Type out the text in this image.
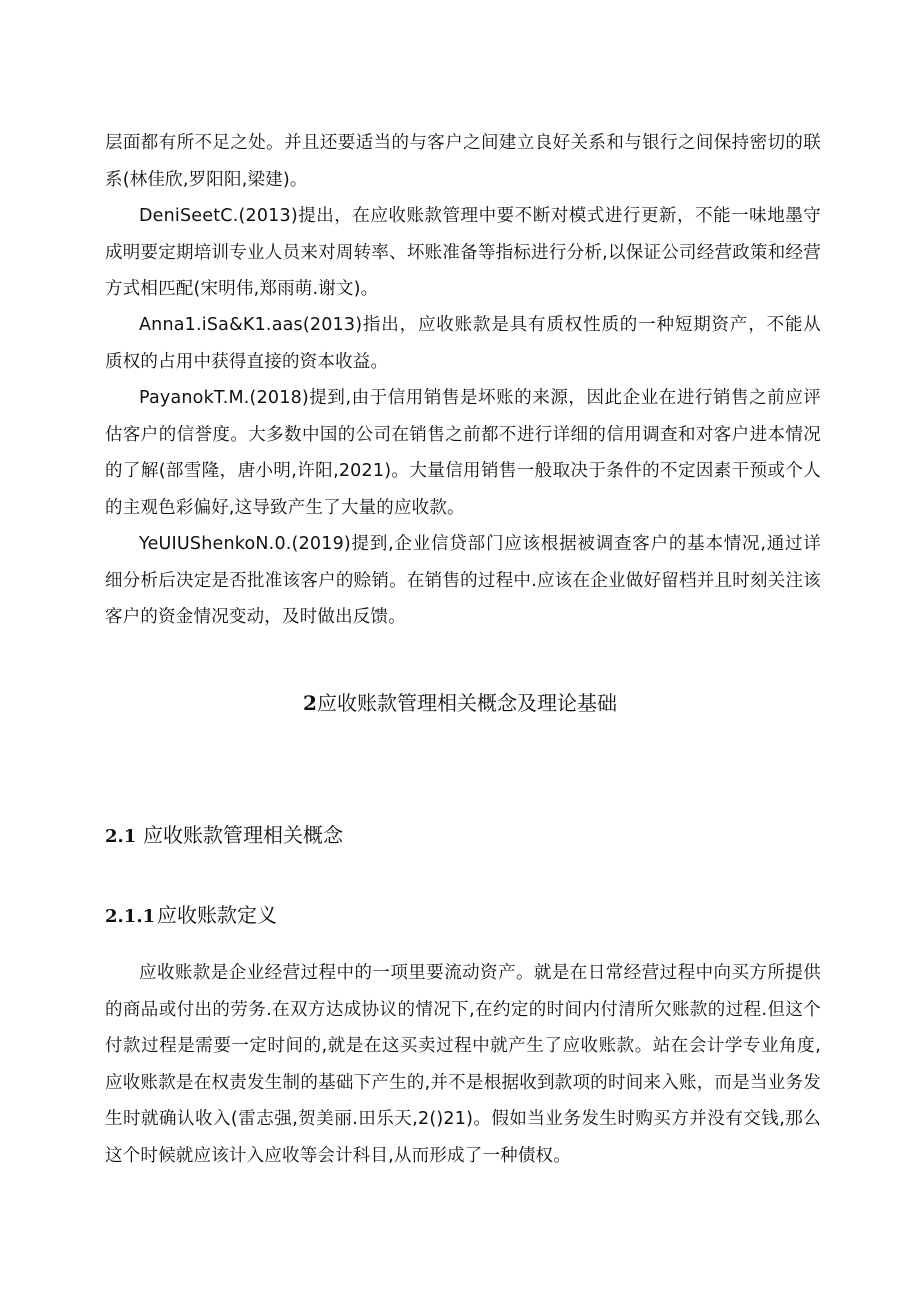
层面都有所不足之处。并且还要适当的与客户之间建立良好关系和与银行之间保持密切的联系(林佳欣,罗阳阳,梁建)。

DeniSeetC.(2013)提出，在应收账款管理中要不断对模式进行更新，不能一味地墨守成明要定期培训专业人员来对周转率、坏账准备等指标进行分析,以保证公司经营政策和经营方式相匹配(宋明伟,郑雨萌.谢文)。

Anna1.iSa&K1.aas(2013)指出，应收账款是具有质权性质的一种短期资产，不能从质权的占用中获得直接的资本收益。

PayanokT.M.(2018)提到,由于信用销售是坏账的来源，因此企业在进行销售之前应评估客户的信誉度。大多数中国的公司在销售之前都不进行详细的信用调查和对客户进本情况的了解(部雪隆，唐小明,许阳,2021)。大量信用销售一般取决于条件的不定因素干预或个人的主观色彩偏好,这导致产生了大量的应收款。

YeUIUShenkoN.0.(2019)提到,企业信贷部门应该根据被调查客户的基本情况,通过详细分析后决定是否批准该客户的赊销。在销售的过程中.应该在企业做好留档并且时刻关注该客户的资金情况变动，及时做出反馈。

2应收账款管理相关概念及理论基础
2.1 应收账款管理相关概念
2.1.1应收账款定义

应收账款是企业经营过程中的一项里要流动资产。就是在日常经营过程中向买方所提供的商品或付出的劳务.在双方达成协议的情况下,在约定的时间内付清所欠账款的过程.但这个付款过程是需要一定时间的,就是在这买卖过程中就产生了应收账款。站在会计学专业角度,应收账款是在权责发生制的基础下产生的,并不是根据收到款项的时间来入账，而是当业务发生时就确认收入(雷志强,贺美丽.田乐天,2()21)。假如当业务发生时购买方并没有交钱,那么这个时候就应该计入应收等会计科目,从而形成了一种债权。
